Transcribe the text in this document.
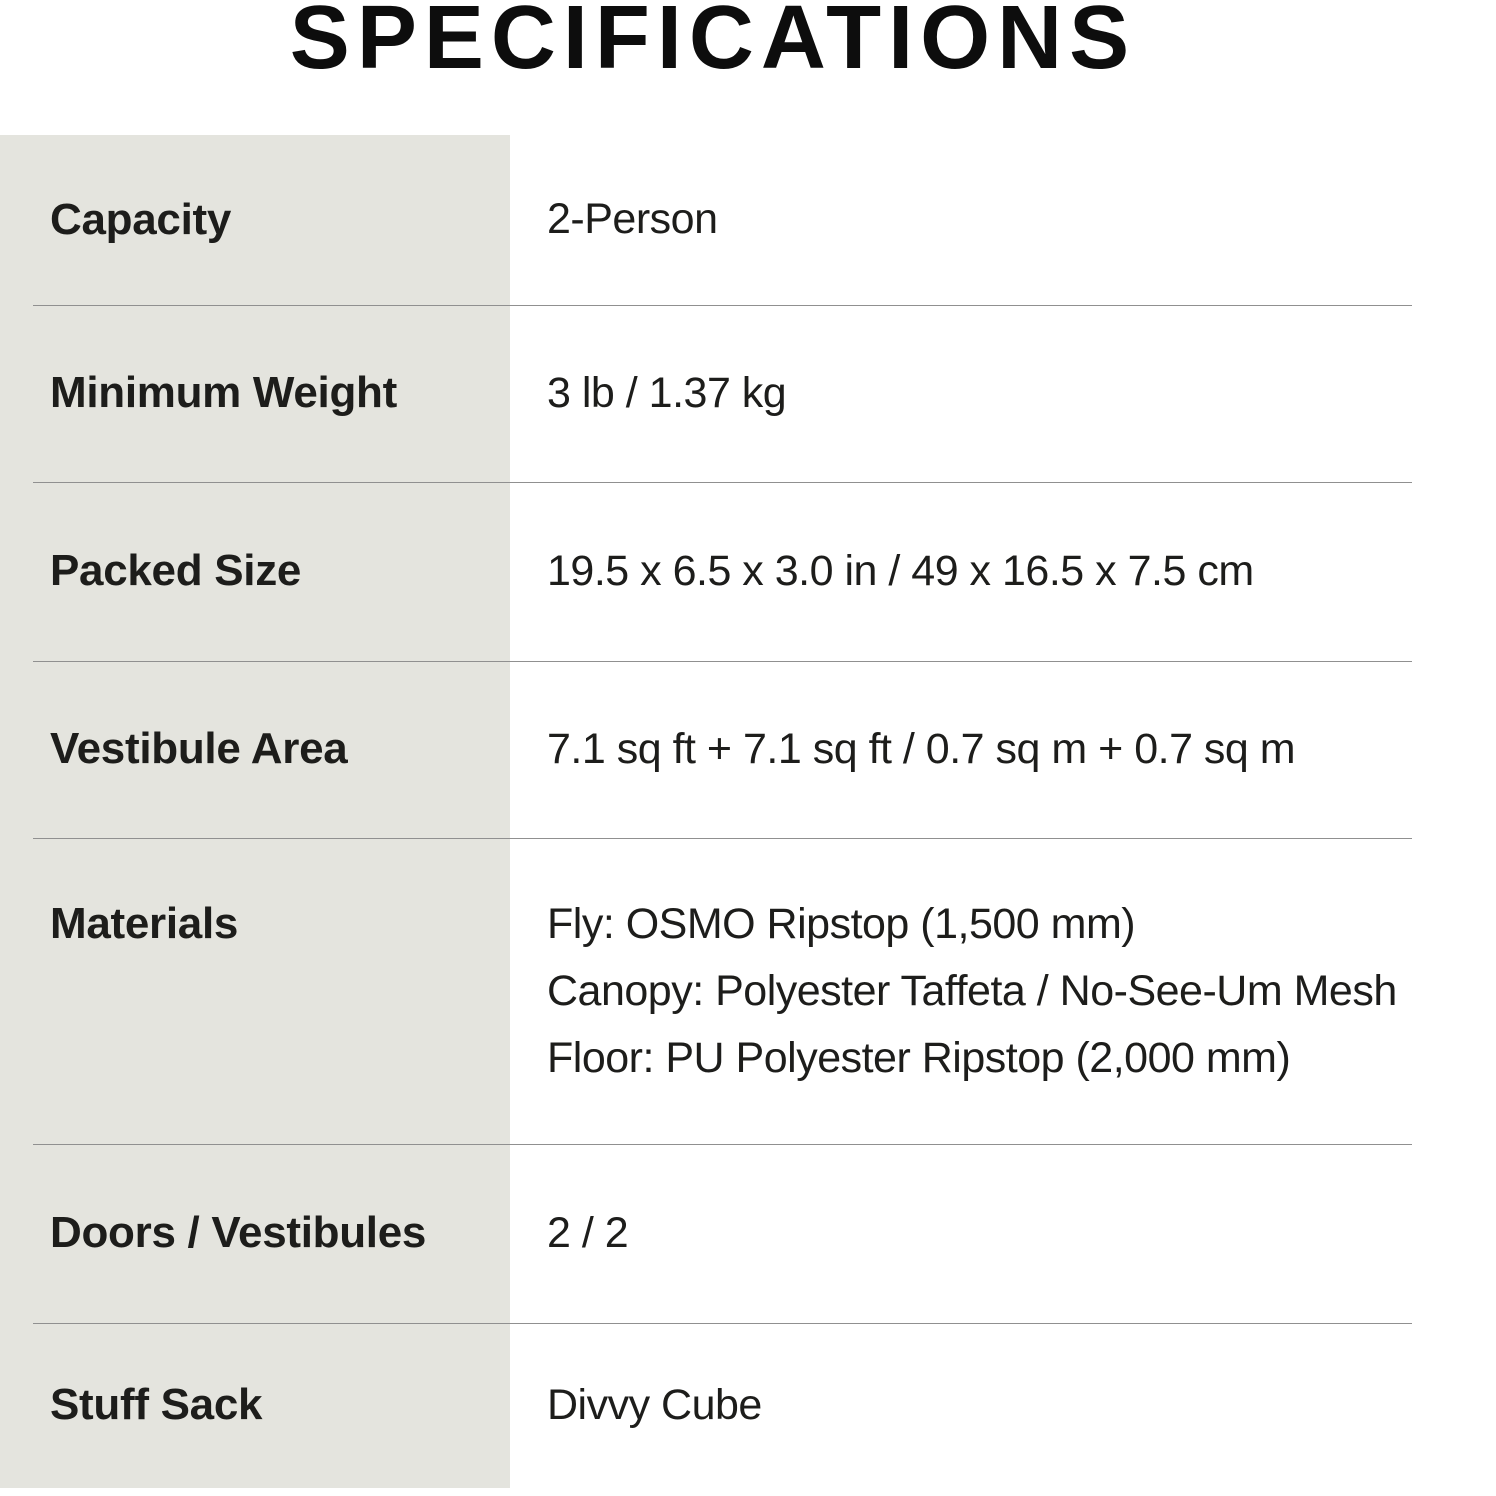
SPECIFICATIONS
Capacity	2-Person
Minimum Weight	3 lb / 1.37 kg
Packed Size	19.5 x 6.5 x 3.0 in / 49 x 16.5 x 7.5 cm
Vestibule Area	7.1 sq ft + 7.1 sq ft / 0.7 sq m + 0.7 sq m
Materials	Fly: OSMO Ripstop (1,500 mm)
Canopy: Polyester Taffeta / No-See-Um Mesh
Floor: PU Polyester Ripstop (2,000 mm)
Doors / Vestibules	2 / 2
Stuff Sack	Divvy Cube
